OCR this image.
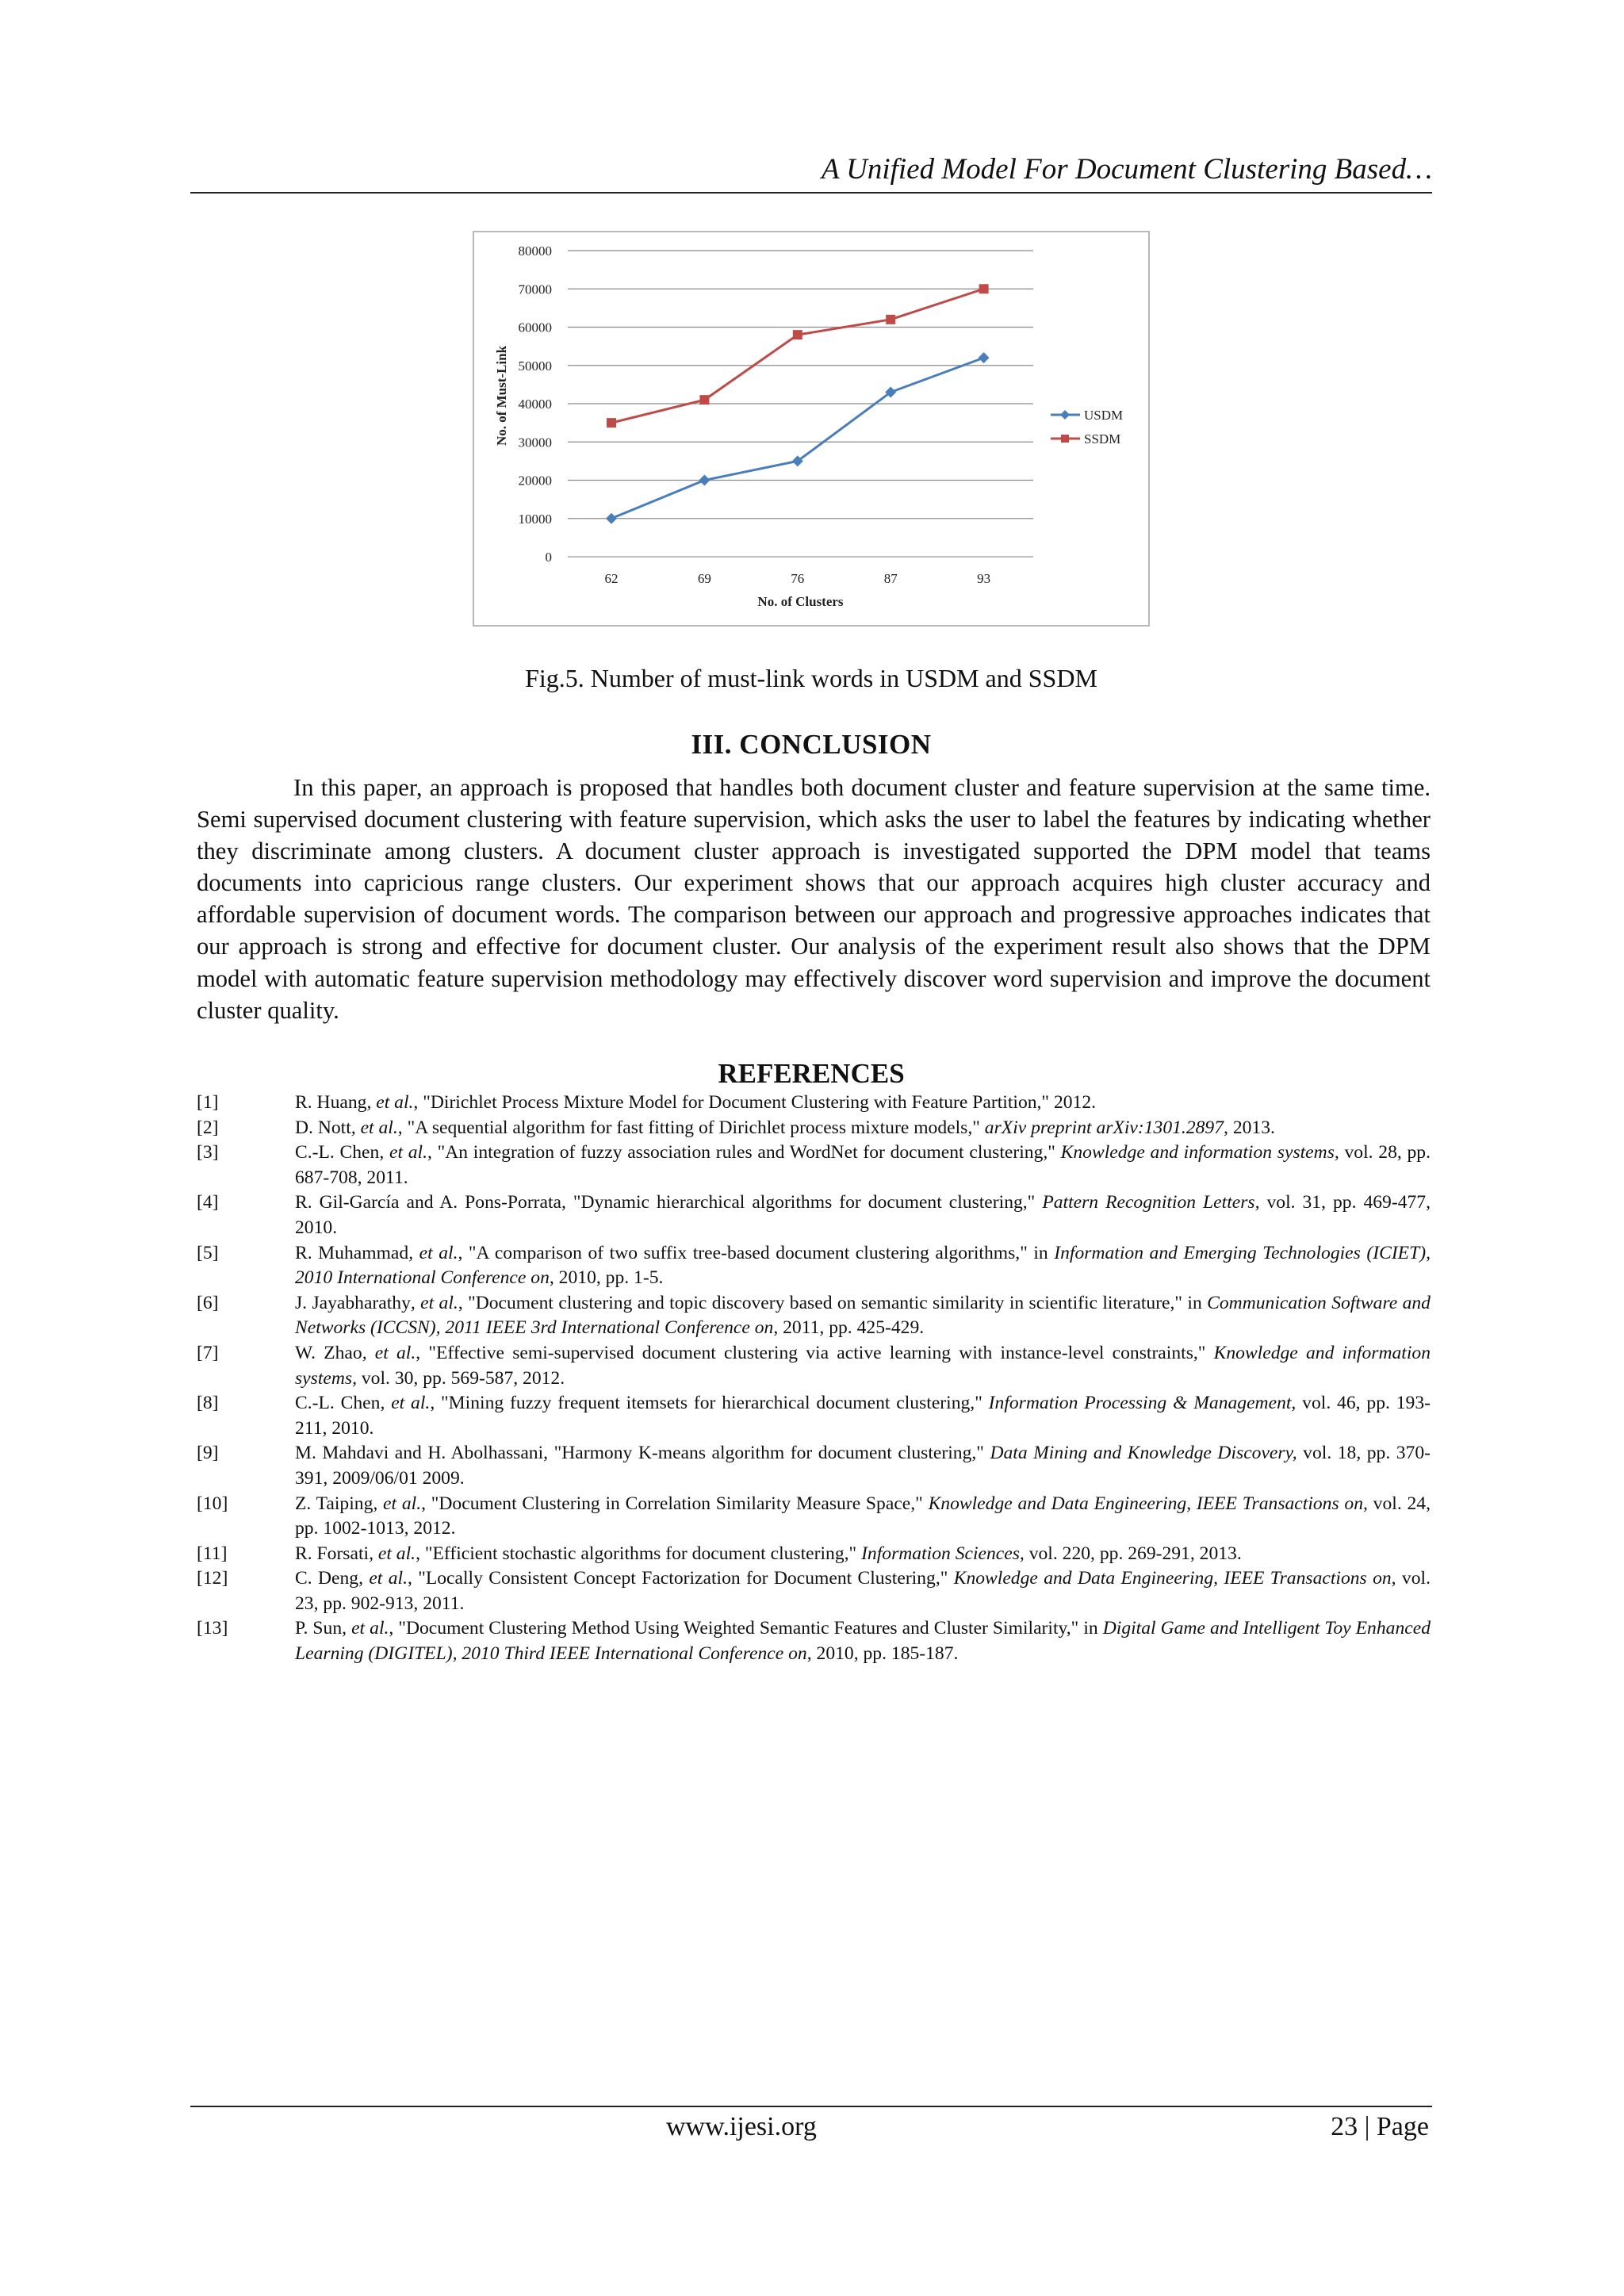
A Unified Model For Document Clustering Based…
0
10000
20000
30000
40000
50000
60000
70000
80000
62	69	76	87	93
No. of Clusters
No. of Must-Link	USDM
SSDM
Fig.5. Number of must-link words in USDM and SSDM
III. CONCLUSION

In this paper, an approach is proposed that handles both document cluster and feature supervision at the same time. Semi supervised document clustering with feature supervision, which asks the user to label the features by indicating whether they discriminate among clusters. A document cluster approach is investigated supported the DPM model that teams documents into capricious range clusters. Our experiment shows that our approach acquires high cluster accuracy and affordable supervision of document words. The comparison between our approach and progressive approaches indicates that our approach is strong and effective for document cluster. Our analysis of the experiment result also shows that the DPM model with automatic feature supervision methodology may effectively discover word supervision and improve the document cluster quality.

REFERENCES
[1]	R. Huang, et al., "Dirichlet Process Mixture Model for Document Clustering with Feature Partition," 2012.
[2]	D. Nott, et al., "A sequential algorithm for fast fitting of Dirichlet process mixture models," arXiv preprint arXiv:1301.2897, 2013.
[3]	C.-L. Chen, et al., "An integration of fuzzy association rules and WordNet for document clustering," Knowledge and information systems, vol. 28, pp. 687-708, 2011.
[4]	R. Gil-García and A. Pons-Porrata, "Dynamic hierarchical algorithms for document clustering," Pattern Recognition Letters, vol. 31, pp. 469-477, 2010.
[5]	R. Muhammad, et al., "A comparison of two suffix tree-based document clustering algorithms," in Information and Emerging Technologies (ICIET), 2010 International Conference on, 2010, pp. 1-5.
[6]	J. Jayabharathy, et al., "Document clustering and topic discovery based on semantic similarity in scientific literature," in Communication Software and Networks (ICCSN), 2011 IEEE 3rd International Conference on, 2011, pp. 425-429.
[7]	W. Zhao, et al., "Effective semi-supervised document clustering via active learning with instance-level constraints," Knowledge and information systems, vol. 30, pp. 569-587, 2012.
[8]	C.-L. Chen, et al., "Mining fuzzy frequent itemsets for hierarchical document clustering," Information Processing & Management, vol. 46, pp. 193-211, 2010.
[9]	M. Mahdavi and H. Abolhassani, "Harmony K-means algorithm for document clustering," Data Mining and Knowledge Discovery, vol. 18, pp. 370-391, 2009/06/01 2009.
[10]	Z. Taiping, et al., "Document Clustering in Correlation Similarity Measure Space," Knowledge and Data Engineering, IEEE Transactions on, vol. 24, pp. 1002-1013, 2012.
[11]	R. Forsati, et al., "Efficient stochastic algorithms for document clustering," Information Sciences, vol. 220, pp. 269-291, 2013.
[12]	C. Deng, et al., "Locally Consistent Concept Factorization for Document Clustering," Knowledge and Data Engineering, IEEE Transactions on, vol. 23, pp. 902-913, 2011.
[13]	P. Sun, et al., "Document Clustering Method Using Weighted Semantic Features and Cluster Similarity," in Digital Game and Intelligent Toy Enhanced Learning (DIGITEL), 2010 Third IEEE International Conference on, 2010, pp. 185-187.
www.ijesi.org	23 | Page
